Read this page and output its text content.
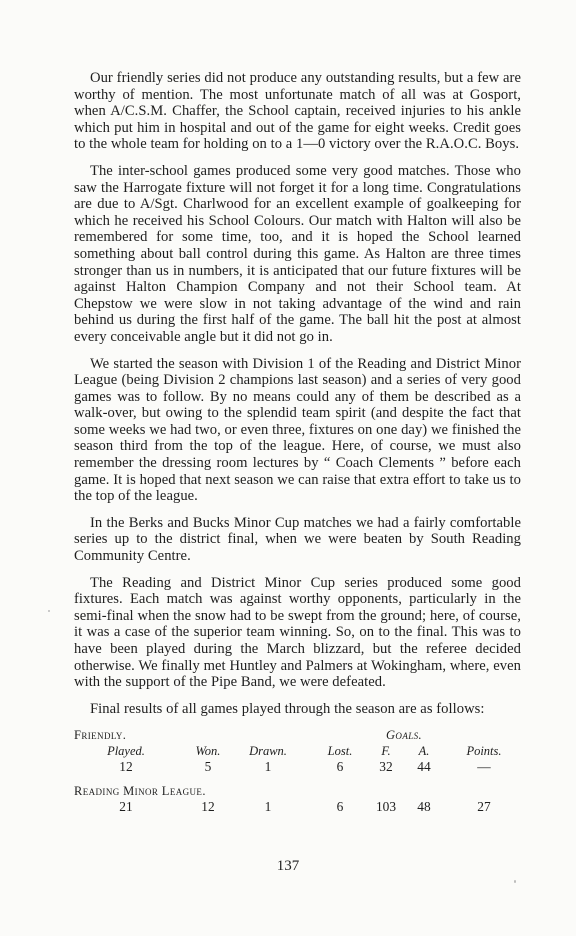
Our friendly series did not produce any outstanding results, but a few are worthy of mention. The most unfortunate match of all was at Gosport, when A/C.S.M. Chaffer, the School captain, received injuries to his ankle which put him in hospital and out of the game for eight weeks. Credit goes to the whole team for holding on to a 1—0 victory over the R.A.O.C. Boys.

The inter-school games produced some very good matches. Those who saw the Harrogate fixture will not forget it for a long time. Congratulations are due to A/Sgt. Charlwood for an excellent example of goalkeeping for which he received his School Colours. Our match with Halton will also be remembered for some time, too, and it is hoped the School learned something about ball control during this game. As Halton are three times stronger than us in numbers, it is anticipated that our future fixtures will be against Halton Champion Company and not their School team. At Chepstow we were slow in not taking advantage of the wind and rain behind us during the first half of the game. The ball hit the post at almost every conceivable angle but it did not go in.

We started the season with Division 1 of the Reading and District Minor League (being Division 2 champions last season) and a series of very good games was to follow. By no means could any of them be described as a walk-over, but owing to the splendid team spirit (and despite the fact that some weeks we had two, or even three, fixtures on one day) we finished the season third from the top of the league. Here, of course, we must also remember the dressing room lectures by “ Coach Clements ” before each game. It is hoped that next season we can raise that extra effort to take us to the top of the league.

In the Berks and Bucks Minor Cup matches we had a fairly comfortable series up to the district final, when we were beaten by South Reading Community Centre.

The Reading and District Minor Cup series produced some good fixtures. Each match was against worthy opponents, particularly in the semi-final when the snow had to be swept from the ground; here, of course, it was a case of the superior team winning. So, on to the final. This was to have been played during the March blizzard, but the referee decided otherwise. We finally met Huntley and Palmers at Wokingham, where, even with the support of the Pipe Band, we were defeated.

Final results of all games played through the season are as follows:

Friendly.	Goals.
Played.	Won.	Drawn.	Lost.	F.	A.	Points.
12	5	1	6	32	44	—
Reading Minor League.
21	12	1	6	103	48	27
137
